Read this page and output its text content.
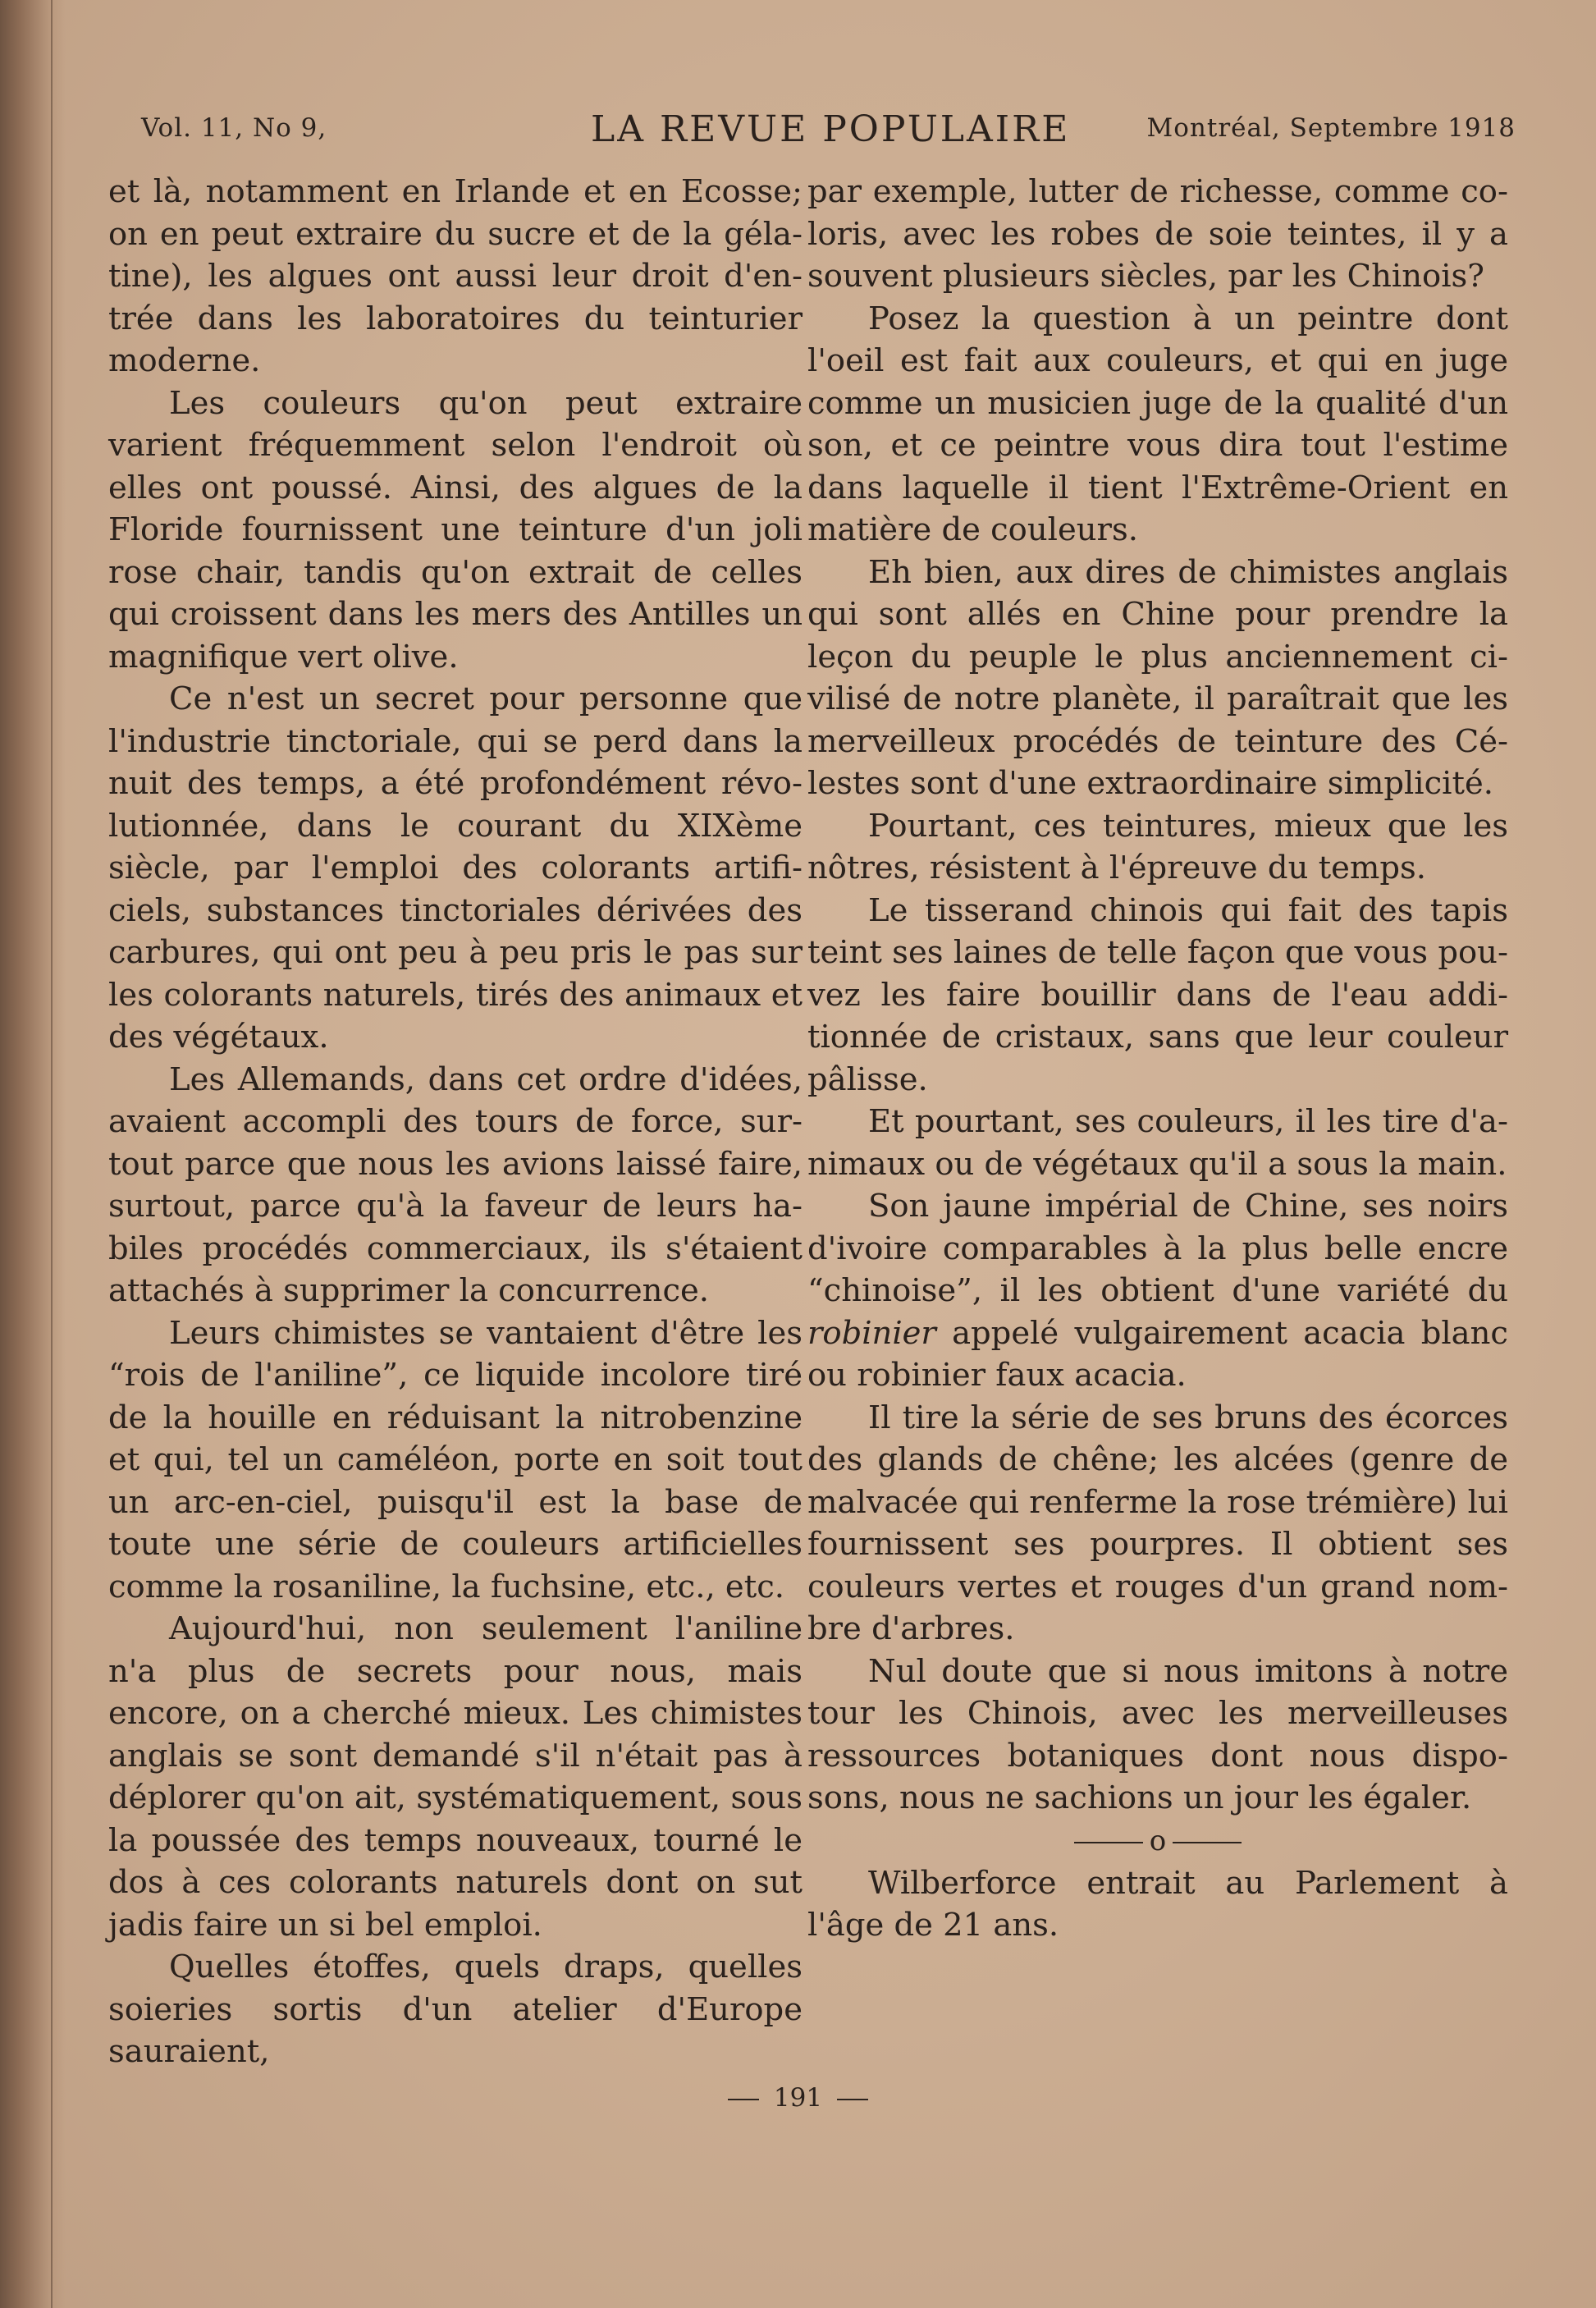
Vol. 11, No 9,	LA REVUE POPULAIRE	Montréal, Septembre 1918

et là, notamment en Irlande et en Ecosse; on en peut extraire du sucre et de la gélatine), les algues ont aussi leur droit d'entrée dans les laboratoires du teinturier moderne.

Les couleurs qu'on peut extraire varient fréquemment selon l'endroit où elles ont poussé. Ainsi, des algues de la Floride fournissent une teinture d'un joli rose chair, tandis qu'on extrait de celles qui croissent dans les mers des Antilles un magnifique vert olive.

Ce n'est un secret pour personne que l'industrie tinctoriale, qui se perd dans la nuit des temps, a été profondément révolutionnée, dans le courant du XIXème siècle, par l'emploi des colorants artificiels, substances tinctoriales dérivées des carbures, qui ont peu à peu pris le pas sur les colorants naturels, tirés des animaux et des végétaux.

Les Allemands, dans cet ordre d'idées, avaient accompli des tours de force, surtout parce que nous les avions laissé faire, surtout, parce qu'à la faveur de leurs habiles procédés commerciaux, ils s'étaient attachés à supprimer la concurrence.

Leurs chimistes se vantaient d'être les “rois de l'aniline”, ce liquide incolore tiré de la houille en réduisant la nitrobenzine et qui, tel un caméléon, porte en soit tout un arc-en-ciel, puisqu'il est la base de toute une série de couleurs artificielles comme la rosaniline, la fuchsine, etc., etc.

Aujourd'hui, non seulement l'aniline n'a plus de secrets pour nous, mais encore, on a cherché mieux. Les chimistes anglais se sont demandé s'il n'était pas à déplorer qu'on ait, systématiquement, sous la poussée des temps nouveaux, tourné le dos à ces colorants naturels dont on sut jadis faire un si bel emploi.

Quelles étoffes, quels draps, quelles soieries sortis d'un atelier d'Europe sauraient,

par exemple, lutter de richesse, comme coloris, avec les robes de soie teintes, il y a souvent plusieurs siècles, par les Chinois?

Posez la question à un peintre dont l'oeil est fait aux couleurs, et qui en juge comme un musicien juge de la qualité d'un son, et ce peintre vous dira tout l'estime dans laquelle il tient l'Extrême-Orient en matière de couleurs.

Eh bien, aux dires de chimistes anglais qui sont allés en Chine pour prendre la leçon du peuple le plus anciennement civilisé de notre planète, il paraîtrait que les merveilleux procédés de teinture des Célestes sont d'une extraordinaire simplicité.

Pourtant, ces teintures, mieux que les nôtres, résistent à l'épreuve du temps.

Le tisserand chinois qui fait des tapis teint ses laines de telle façon que vous pouvez les faire bouillir dans de l'eau additionnée de cristaux, sans que leur couleur pâlisse.

Et pourtant, ses couleurs, il les tire d'animaux ou de végétaux qu'il a sous la main.

Son jaune impérial de Chine, ses noirs d'ivoire comparables à la plus belle encre “chinoise”, il les obtient d'une variété du robinier appelé vulgairement acacia blanc ou robinier faux acacia.

Il tire la série de ses bruns des écorces des glands de chêne; les alcées (genre de malvacée qui renferme la rose trémière) lui fournissent ses pourpres. Il obtient ses couleurs vertes et rouges d'un grand nombre d'arbres.

Nul doute que si nous imitons à notre tour les Chinois, avec les merveilleuses ressources botaniques dont nous disposons, nous ne sachions un jour les égaler.

o

Wilberforce entrait au Parlement à l'âge de 21 ans.

191
